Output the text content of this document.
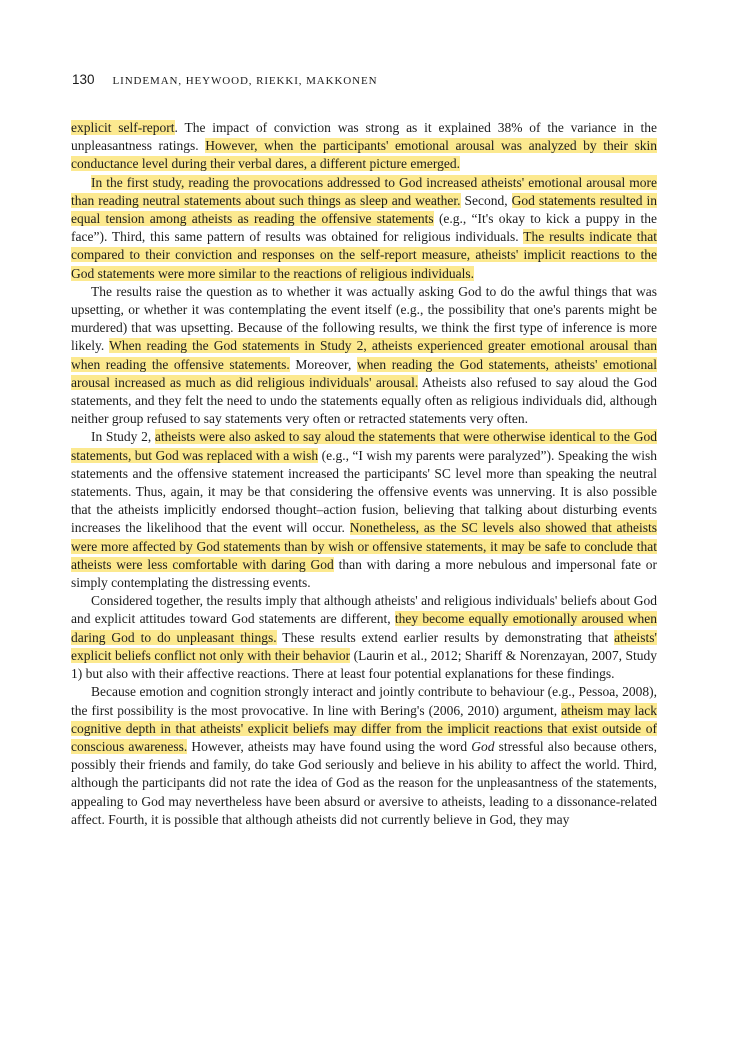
130 LINDEMAN, HEYWOOD, RIEKKI, MAKKONEN

explicit self-report. The impact of conviction was strong as it explained 38% of the variance in the unpleasantness ratings. However, when the participants' emotional arousal was analyzed by their skin conductance level during their verbal dares, a different picture emerged.

In the first study, reading the provocations addressed to God increased atheists' emotional arousal more than reading neutral statements about such things as sleep and weather. Second, God statements resulted in equal tension among atheists as reading the offensive statements (e.g., “It's okay to kick a puppy in the face”). Third, this same pattern of results was obtained for religious individuals. The results indicate that compared to their conviction and responses on the self-report measure, atheists' implicit reactions to the God statements were more similar to the reactions of religious individuals.

The results raise the question as to whether it was actually asking God to do the awful things that was upsetting, or whether it was contemplating the event itself (e.g., the possibility that one's parents might be murdered) that was upsetting. Because of the following results, we think the first type of inference is more likely. When reading the God statements in Study 2, atheists experienced greater emotional arousal than when reading the offensive statements. Moreover, when reading the God statements, atheists' emotional arousal increased as much as did religious individuals' arousal. Atheists also refused to say aloud the God statements, and they felt the need to undo the statements equally often as religious individuals did, although neither group refused to say statements very often or retracted statements very often.

In Study 2, atheists were also asked to say aloud the statements that were otherwise identical to the God statements, but God was replaced with a wish (e.g., “I wish my parents were paralyzed”). Speaking the wish statements and the offensive statement increased the participants' SC level more than speaking the neutral statements. Thus, again, it may be that considering the offensive events was unnerving. It is also possible that the atheists implicitly endorsed thought–action fusion, believing that talking about disturbing events increases the likelihood that the event will occur. Nonetheless, as the SC levels also showed that atheists were more affected by God statements than by wish or offensive statements, it may be safe to conclude that atheists were less comfortable with daring God than with daring a more nebulous and impersonal fate or simply contemplating the distressing events.

Considered together, the results imply that although atheists' and religious individuals' beliefs about God and explicit attitudes toward God statements are different, they become equally emotionally aroused when daring God to do unpleasant things. These results extend earlier results by demonstrating that atheists' explicit beliefs conflict not only with their behavior (Laurin et al., 2012; Shariff & Norenzayan, 2007, Study 1) but also with their affective reactions. There at least four potential explanations for these findings.

Because emotion and cognition strongly interact and jointly contribute to behaviour (e.g., Pessoa, 2008), the first possibility is the most provocative. In line with Bering's (2006, 2010) argument, atheism may lack cognitive depth in that atheists' explicit beliefs may differ from the implicit reactions that exist outside of conscious awareness. However, atheists may have found using the word God stressful also because others, possibly their friends and family, do take God seriously and believe in his ability to affect the world. Third, although the participants did not rate the idea of God as the reason for the unpleasantness of the statements, appealing to God may nevertheless have been absurd or aversive to atheists, leading to a dissonance-related affect. Fourth, it is possible that although atheists did not currently believe in God, they may
